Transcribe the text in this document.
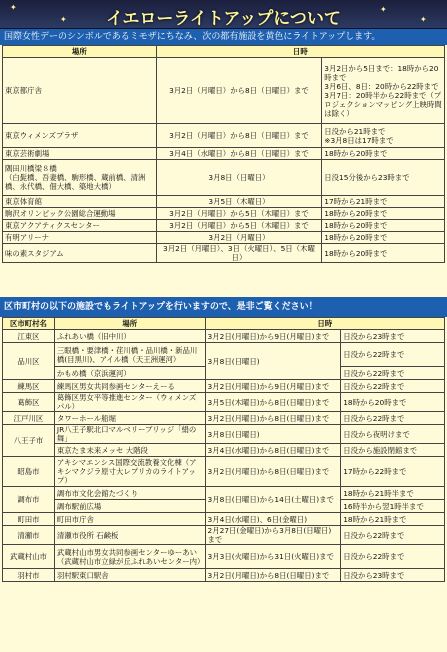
✦
✦
✦
✦
イエローライトアップについて
国際女性デーのシンボルであるミモザにちなみ、次の都有施設を黄色にライトアップします。
場所	日時	
東京都庁舎	3月2日（月曜日）から8日（日曜日）まで	3月2日から5日まで：18時から20時まで
3月6日、8日：20時から22時まで
3月7日：20時半から22時まで（プロジェクションマッピング上映時間は除く）
東京ウィメンズプラザ	3月2日（月曜日）から8日（日曜日）まで	日没から21時まで
※3月8日は17時まで
東京芸術劇場	3月4日（水曜日）から8日（日曜日）まで	18時から20時まで
隅田川橋梁８橋
（白髭橋、吾妻橋、駒形橋、蔵前橋、清洲橋、永代橋、佃大橋、築地大橋）	3月8日（日曜日）	日没15分後から23時まで
東京体育館	3月5日（木曜日）	17時から21時まで
駒沢オリンピック公園総合運動場	3月2日（月曜日）から5日（木曜日）まで	18時から20時まで
東京アクアティクスセンター	3月2日（月曜日）から5日（木曜日）まで	18時から20時まで
有明アリーナ	3月2日（月曜日）	18時から20時まで
味の素スタジアム	3月2日（月曜日）、3日（火曜日）、5日（木曜日）	18時から20時まで
区市町村の以下の施設でもライトアップを行いますので、是非ご覧ください！
区市町村名	場所	日時	
江東区	ふれあい橋（旧中川）	3月2日(月曜日)から9日(月曜日)まで	日没から23時まで
品川区	三眼橋・要津橋・荏川橋・品川橋・新品川橋(目黒川)、アイル橋（天王洲運河）	3月8日(日曜日)	日没から22時まで
	かもめ橋（京浜運河）		日没から22時まで
練馬区	練馬区男女共同参画センターえーる	3月2日(月曜日)から9日(月曜日)まで	日没から22時まで
葛飾区	葛飾区男女平等推進センター（ウィメンズパル）	3月5日(木曜日)から8日(日曜日)まで	18時から20時まで
江戸川区	タワーホール船堀	3月2日(月曜日)から8日(日曜日)まで	日没から22時まで
八王子市	JR八王子駅北口マルベリーブリッジ「絹の舞」	3月8日(日曜日)	日没から夜明けまで
	東京たま未来メッセ 大階段	3月4日(水曜日)から8日(日曜日)まで	日没から施設閉館まで
昭島市	アキシマエンシス国際交流教養文化棟（アキシマクジラ原寸大レプリカのライトアップ）	3月2日(月曜日)から8日(日曜日)まで	17時から22時まで
調布市	調布市文化会館たづくり	3月8日(日曜日)から14日(土曜日)まで	18時から21時半まで
	調布駅前広場		16時半から翌1時半まで
町田市	町田市庁舎	3月4日(水曜日)、6日(金曜日)	18時から21時まで
清瀬市	清瀬市役所 石鹸板	2月27日(金曜日)から3月8日(日曜日)まで	日没から22時まで
武蔵村山市	武蔵村山市男女共同参画センターゆーあい（武蔵村山市立緑が丘ふれあいセンター内）	3月3日(火曜日)から31日(火曜日)まで	日没から22時まで
羽村市	羽村駅東口駅舎	3月2日(月曜日)から8日(日曜日)まで	日没から23時まで
